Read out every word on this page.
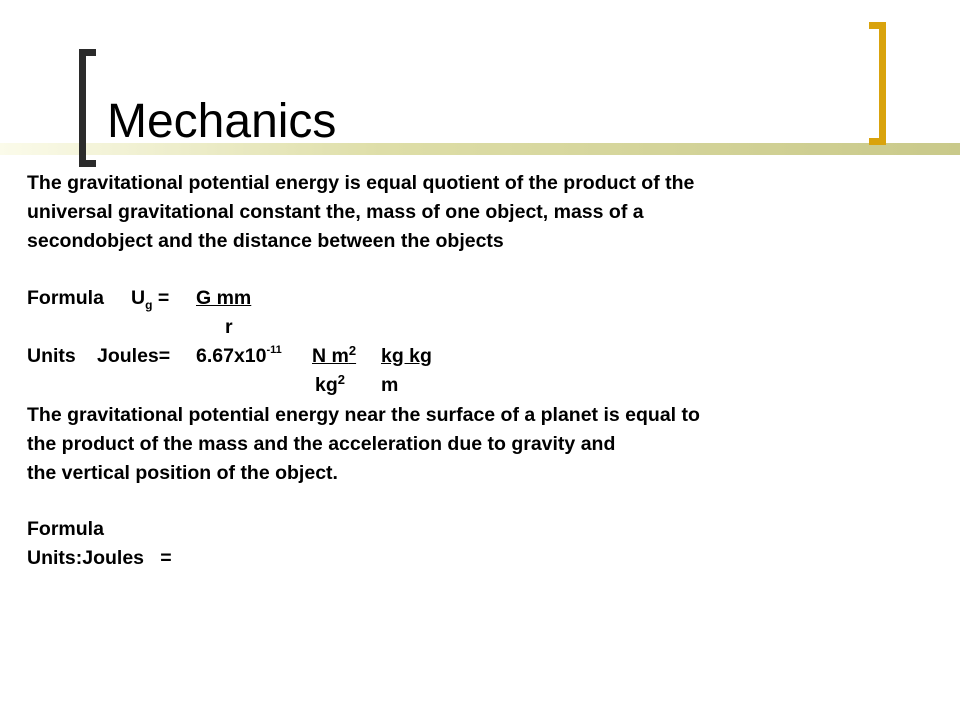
Mechanics

The gravitational potential energy is equal quotient of the product of the

universal gravitational constant the, mass of one object, mass of a

secondobject and the distance between the objects

Formula $U_g = G$ mm

r

Units Joules= $6.67x10^{-11}$ N $m^2$ kg kg

$kg^2$ m

The gravitational potential energy near the surface of a planet is equal to

the product of the mass and the acceleration due to gravity and

the vertical position of the object.

Formula

Units:Joules   =
